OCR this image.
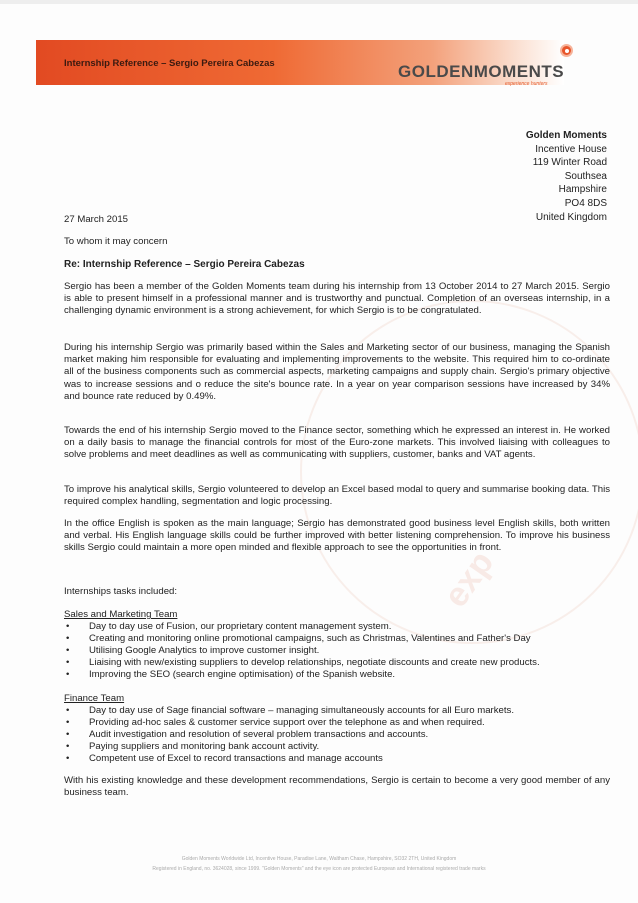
exp
Internship Reference – Sergio Pereira Cabezas	GOLDENMOMENTS
experience hunters
Golden Moments
Incentive House
119 Winter Road
Southsea
Hampshire
PO4 8DS
United Kingdom
27 March 2015
To whom it may concern
Re: Internship Reference – Sergio Pereira Cabezas
Sergio has been a member of the Golden Moments team during his internship from 13 October 2014 to 27 March 2015. Sergio is able to present himself in a professional manner and is trustworthy and punctual. Completion of an overseas internship, in a challenging dynamic environment is a strong achievement, for which Sergio is to be congratulated.
During his internship Sergio was primarily based within the Sales and Marketing sector of our business, managing the Spanish market making him responsible for evaluating and implementing improvements to the website. This required him to co-ordinate all of the business components such as commercial aspects, marketing campaigns and supply chain. Sergio's primary objective was to increase sessions and o reduce the site's bounce rate. In a year on year comparison sessions have increased by 34% and bounce rate reduced by 0.49%.
Towards the end of his internship Sergio moved to the Finance sector, something which he expressed an interest in. He worked on a daily basis to manage the financial controls for most of the Euro-zone markets. This involved liaising with colleagues to solve problems and meet deadlines as well as communicating with suppliers, customer, banks and VAT agents.
To improve his analytical skills, Sergio volunteered to develop an Excel based modal to query and summarise booking data. This required complex handling, segmentation and logic processing.
In the office English is spoken as the main language; Sergio has demonstrated good business level English skills, both written and verbal. His English language skills could be further improved with better listening comprehension. To improve his business skills Sergio could maintain a more open minded and flexible approach to see the opportunities in front.
Internships tasks included:
Sales and Marketing Team
• Day to day use of Fusion, our proprietary content management system.
• Creating and monitoring online promotional campaigns, such as Christmas, Valentines and Father's Day
• Utilising Google Analytics to improve customer insight.
• Liaising with new/existing suppliers to develop relationships, negotiate discounts and create new products.
• Improving the SEO (search engine optimisation) of the Spanish website.
Finance Team
• Day to day use of Sage financial software – managing simultaneously accounts for all Euro markets.
• Providing ad-hoc sales & customer service support over the telephone as and when required.
• Audit investigation and resolution of several problem transactions and accounts.
• Paying suppliers and monitoring bank account activity.
• Competent use of Excel to record transactions and manage accounts
With his existing knowledge and these development recommendations, Sergio is certain to become a very good member of any business team.
Golden Moments Worldwide Ltd, Incentive House, Paradise Lane, Waltham Chase, Hampshire, SO32 2TH, United Kingdom
Registered in England, no. 3624028, since 1999. "Golden Moments" and the eye icon are protected European and International registered trade marks
